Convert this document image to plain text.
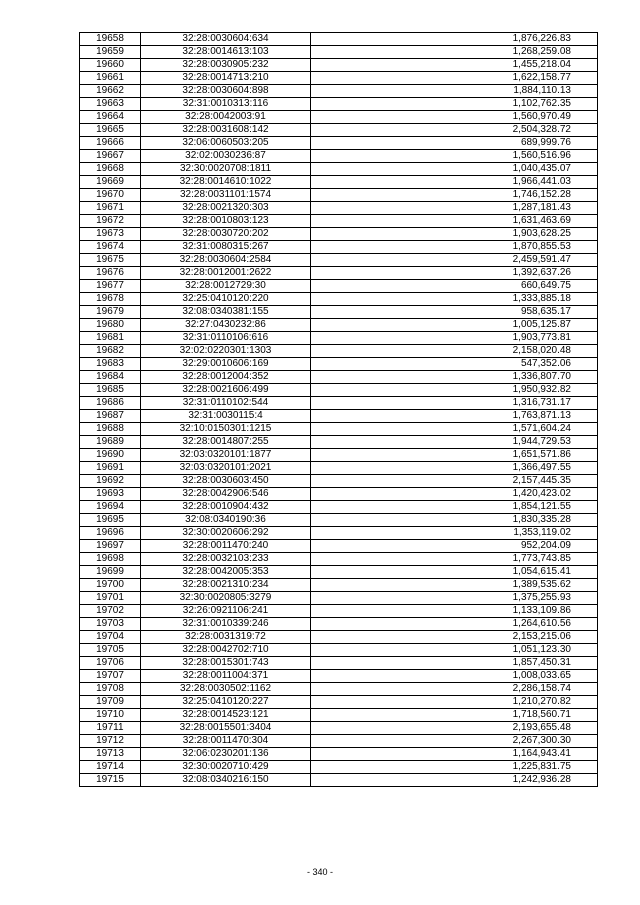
19658	32:28:0030604:634	1,876,226.83
19659	32:28:0014613:103	1,268,259.08
19660	32:28:0030905:232	1,455,218.04
19661	32:28:0014713:210	1,622,158.77
19662	32:28:0030604:898	1,884,110.13
19663	32:31:0010313:116	1,102,762.35
19664	32:28:0042003:91	1,560,970.49
19665	32:28:0031608:142	2,504,328.72
19666	32:06:0060503:205	689,999.76
19667	32:02:0030236:87	1,560,516.96
19668	32:30:0020708:1811	1,040,435.07
19669	32:28:0014610:1022	1,966,441.03
19670	32:28:0031101:1574	1,746,152.28
19671	32:28:0021320:303	1,287,181.43
19672	32:28:0010803:123	1,631,463.69
19673	32:28:0030720:202	1,903,628.25
19674	32:31:0080315:267	1,870,855.53
19675	32:28:0030604:2584	2,459,591.47
19676	32:28:0012001:2622	1,392,637.26
19677	32:28:0012729:30	660,649.75
19678	32:25:0410120:220	1,333,885.18
19679	32:08:0340381:155	958,635.17
19680	32:27:0430232:86	1,005,125.87
19681	32:31:0110106:616	1,903,773.81
19682	32:02:0220301:1303	2,158,020.48
19683	32:29:0010606:169	547,352.06
19684	32:28:0012004:352	1,336,807.70
19685	32:28:0021606:499	1,950,932.82
19686	32:31:0110102:544	1,316,731.17
19687	32:31:0030115:4	1,763,871.13
19688	32:10:0150301:1215	1,571,604.24
19689	32:28:0014807:255	1,944,729.53
19690	32:03:0320101:1877	1,651,571.86
19691	32:03:0320101:2021	1,366,497.55
19692	32:28:0030603:450	2,157,445.35
19693	32:28:0042906:546	1,420,423.02
19694	32:28:0010904:432	1,854,121.55
19695	32:08:0340190:36	1,830,335.28
19696	32:30:0020606:292	1,353,119.02
19697	32:28:0011470:240	952,204.09
19698	32:28:0032103:233	1,773,743.85
19699	32:28:0042005:353	1,054,615.41
19700	32:28:0021310:234	1,389,535.62
19701	32:30:0020805:3279	1,375,255.93
19702	32:26:0921106:241	1,133,109.86
19703	32:31:0010339:246	1,264,610.56
19704	32:28:0031319:72	2,153,215.06
19705	32:28:0042702:710	1,051,123.30
19706	32:28:0015301:743	1,857,450.31
19707	32:28:0011004:371	1,008,033.65
19708	32:28:0030502:1162	2,286,158.74
19709	32:25:0410120:227	1,210,270.82
19710	32:28:0014523:121	1,718,560.71
19711	32:28:0015501:3404	2,193,655.48
19712	32:28:0011470:304	2,267,300.30
19713	32:06:0230201:136	1,164,943.41
19714	32:30:0020710:429	1,225,831.75
19715	32:08:0340216:150	1,242,936.28
- 340 -
